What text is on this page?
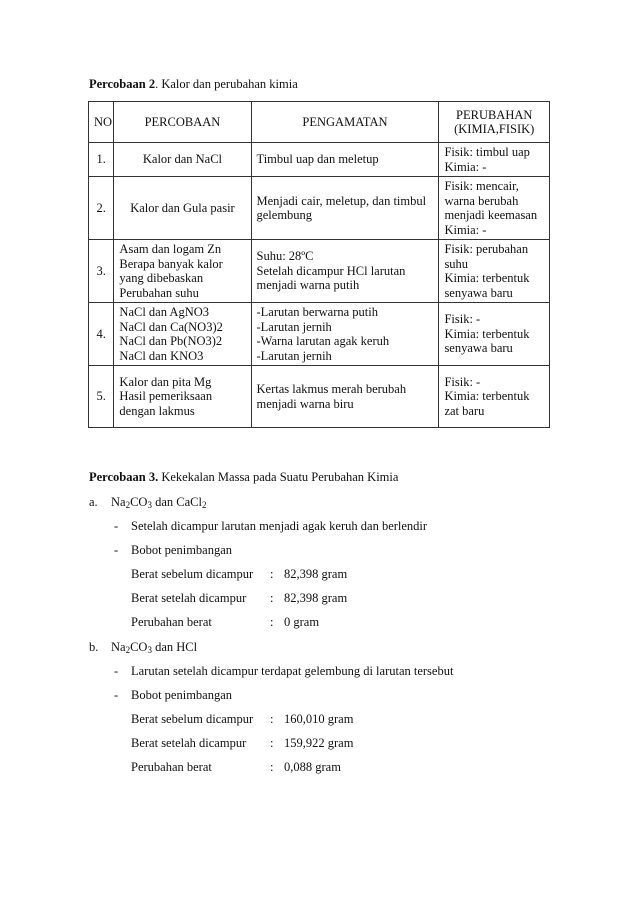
Percobaan 2. Kalor dan perubahan kimia
NO	PERCOBAAN	PENGAMATAN	PERUBAHAN
(KIMIA,FISIK)

1.	Kalor dan NaCl	Timbul uap dan meletup	Fisik: timbul uap
Kimia: -

2.	Kalor dan Gula pasir	Menjadi cair, meletup, dan timbul
gelembung	Fisik: mencair,
warna berubah
menjadi keemasan
Kimia: -

3.	Asam dan logam Zn
Berapa banyak kalor
yang dibebaskan
Perubahan suhu	Suhu: 28ºC
Setelah dicampur HCl larutan
menjadi warna putih	Fisik: perubahan
suhu
Kimia: terbentuk
senyawa baru

4.	NaCl dan AgNO3
NaCl dan Ca(NO3)2
NaCl dan Pb(NO3)2
NaCl dan KNO3	-Larutan berwarna putih
-Larutan jernih
-Warna larutan agak keruh
-Larutan jernih	Fisik: -
Kimia: terbentuk
senyawa baru

5.	Kalor dan pita Mg
Hasil pemeriksaan
dengan lakmus	Kertas lakmus merah berubah
menjadi warna biru	Fisik: -
Kimia: terbentuk
zat baru
Percobaan 3. Kekekalan Massa pada Suatu Perubahan Kimia
a. $Na_2CO_3$ dan CaCl$_2$
- Setelah dicampur larutan menjadi agak keruh dan berlendir
- Bobot penimbangan
Berat sebelum dicampur : 82,398 gram
Berat setelah dicampur : 82,398 gram
Perubahan berat	: 0 gram
b. $Na_2CO_3$ dan HCl
- Larutan setelah dicampur terdapat gelembung di larutan tersebut
- Bobot penimbangan
Berat sebelum dicampur : 160,010 gram
Berat setelah dicampur : 159,922 gram
Perubahan berat	: 0,088 gram
